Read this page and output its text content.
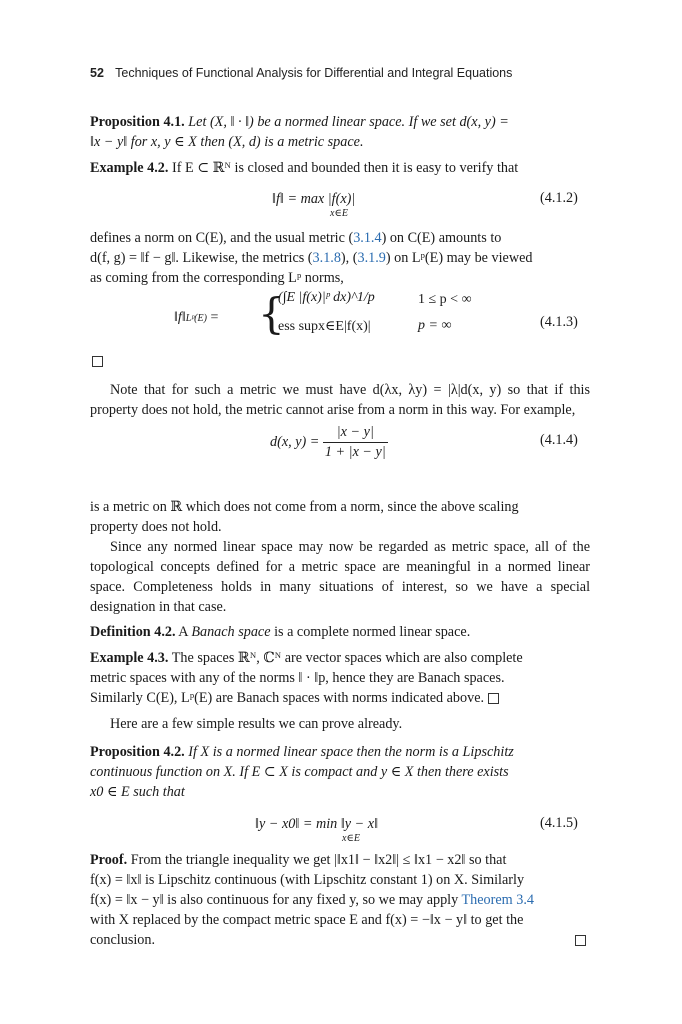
52 Techniques of Functional Analysis for Differential and Integral Equations
Proposition 4.1. Let (X, ‖ · ‖) be a normed linear space. If we set d(x, y) =
‖x − y‖ for x, y ∈ X then (X, d) is a metric space.
Example 4.2. If E ⊂ ℝᴺ is closed and bounded then it is easy to verify that
‖f‖ = max |f(x)|
x∈E
(4.1.2)
defines a norm on C(E), and the usual metric (3.1.4) on C(E) amounts to
d(f, g) = ‖f − g‖. Likewise, the metrics (3.1.8), (3.1.9) on Lᵖ(E) may be viewed
as coming from the corresponding Lᵖ norms,
‖f‖Lᵖ(E) = {
(∫E |f(x)|ᵖ dx)^1/p	1 ≤ p < ∞
ess supx∈E|f(x)|	p = ∞	(4.1.3)
Note that for such a metric we must have d(λx, λy) = |λ|d(x, y) so that if this property does not hold, the metric cannot arise from a norm in this way. For example,
d(x, $y) = \frac{|x - y|}{1 + |x - y|}$	(4.1.4)
is a metric on ℝ which does not come from a norm, since the above scaling
property does not hold.
Since any normed linear space may now be regarded as metric space, all of the topological concepts defined for a metric space are meaningful in a normed linear space. Completeness holds in many situations of interest, so we have a special designation in that case.
Definition 4.2. A Banach space is a complete normed linear space.
Example 4.3. The spaces ℝᴺ, ℂᴺ are vector spaces which are also complete
metric spaces with any of the norms ‖ · ‖p, hence they are Banach spaces.
Similarly C(E), Lᵖ(E) are Banach spaces with norms indicated above.
Here are a few simple results we can prove already.
Proposition 4.2. If X is a normed linear space then the norm is a Lipschitz
continuous function on X. If E ⊂ X is compact and y ∈ X then there exists
x0 ∈ E such that
‖y − x0‖ = min ‖y − x‖
x∈E
(4.1.5)
Proof. From the triangle inequality we get |‖x1‖ − ‖x2‖| ≤ ‖x1 − x2‖ so that
f(x) = ‖x‖ is Lipschitz continuous (with Lipschitz constant 1) on X. Similarly
f(x) = ‖x − y‖ is also continuous for any fixed y, so we may apply Theorem 3.4
with X replaced by the compact metric space E and f(x) = −‖x − y‖ to get the
conclusion.
